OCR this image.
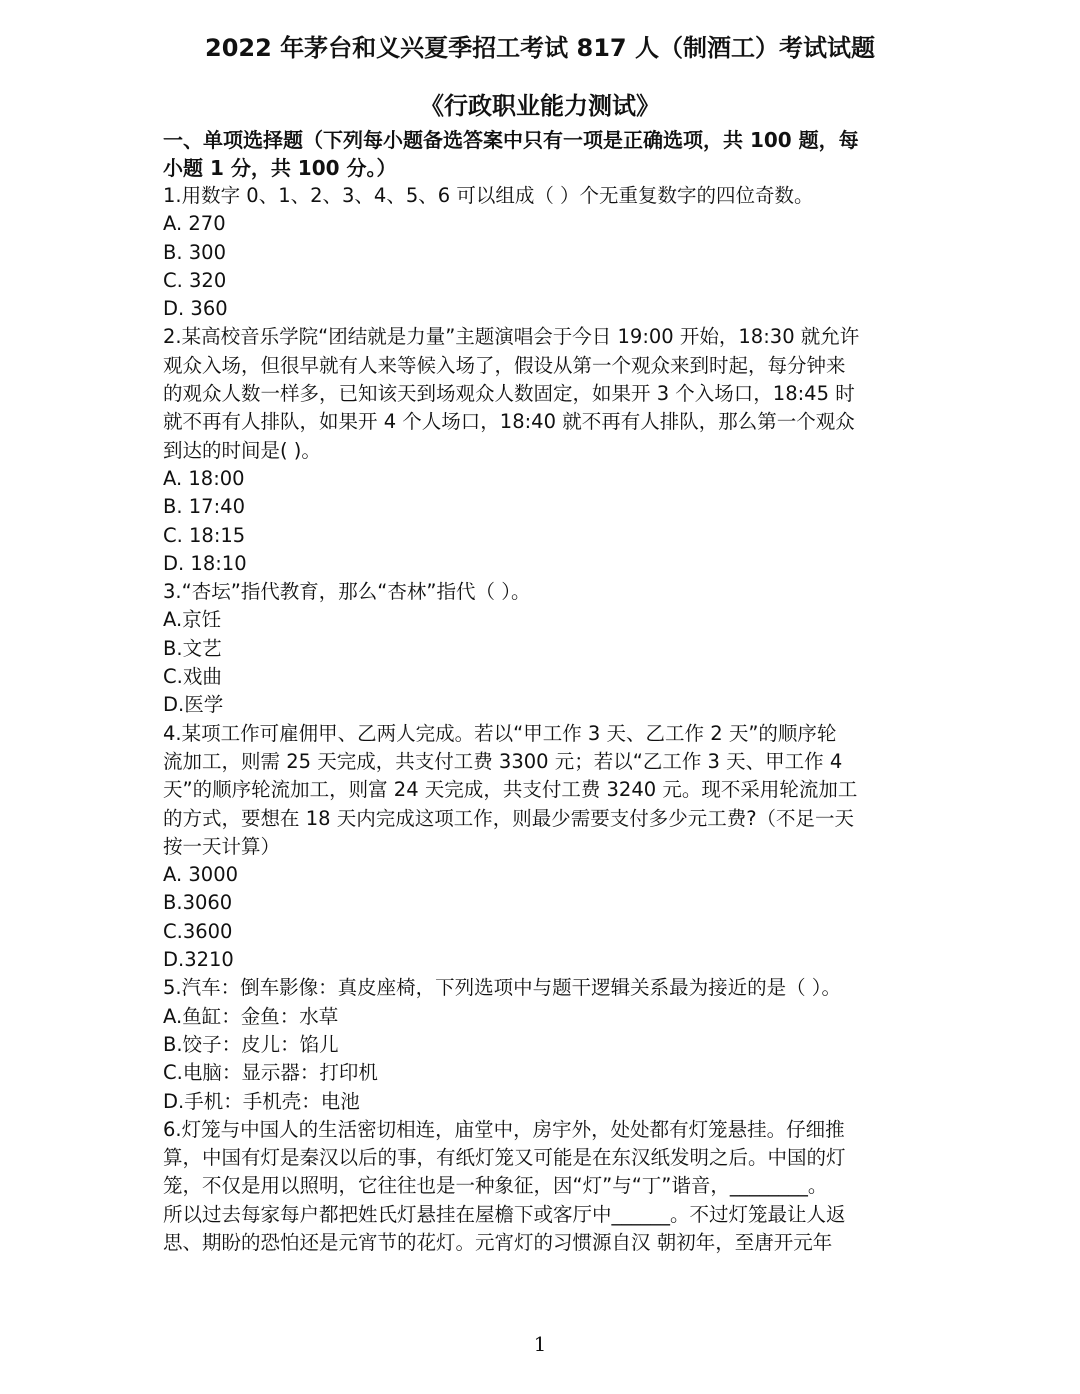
2022 年茅台和义兴夏季招工考试 817 人（制酒工）考试试题
《行政职业能力测试》
一、单项选择题（下列每小题备选答案中只有一项是正确选项，共 100 题，每
小题 1 分，共 100 分。）
1.用数字 0、1、2、3、4、5、6 可以组成（ ）个无重复数字的四位奇数。
A. 270
B. 300
C. 320
D. 360
2.某高校音乐学院“团结就是力量”主题演唱会于今日 19:00 开始，18:30 就允许
观众入场，但很早就有人来等候入场了，假设从第一个观众来到时起，每分钟来
的观众人数一样多，已知该天到场观众人数固定，如果开 3 个入场口，18:45 时
就不再有人排队，如果开 4 个人场口，18:40 就不再有人排队，那么第一个观众
到达的时间是( )。
A. 18:00
B. 17:40
C. 18:15
D. 18:10
3.“杏坛”指代教育，那么“杏林”指代（ ）。
A.京饪
B.文艺
C.戏曲
D.医学
4.某项工作可雇佣甲、乙两人完成。若以“甲工作 3 天、乙工作 2 天”的顺序轮
流加工，则需 25 天完成，共支付工费 3300 元；若以“乙工作 3 天、甲工作 4
天”的顺序轮流加工，则富 24 天完成，共支付工费 3240 元。现不采用轮流加工
的方式，要想在 18 天内完成这项工作，则最少需要支付多少元工费?（不足一天
按一天计算）
A. 3000
B.3060
C.3600
D.3210
5.汽车：倒车影像：真皮座椅，下列选项中与题干逻辑关系最为接近的是（ ）。
A.鱼缸：金鱼：水草
B.饺子：皮儿：馅儿
C.电脑：显示器：打印机
D.手机：手机壳：电池
6.灯笼与中国人的生活密切相连，庙堂中，房宇外，处处都有灯笼悬挂。仔细推
算，中国有灯是秦汉以后的事，有纸灯笼又可能是在东汉纸发明之后。中国的灯
笼，不仅是用以照明，它往往也是一种象征，因“灯”与“丁”谐音，________。
所以过去每家每户都把姓氏灯悬挂在屋檐下或客厅中______。不过灯笼最让人返
思、期盼的恐怕还是元宵节的花灯。元宵灯的习惯源自汉 朝初年，至唐开元年
1
